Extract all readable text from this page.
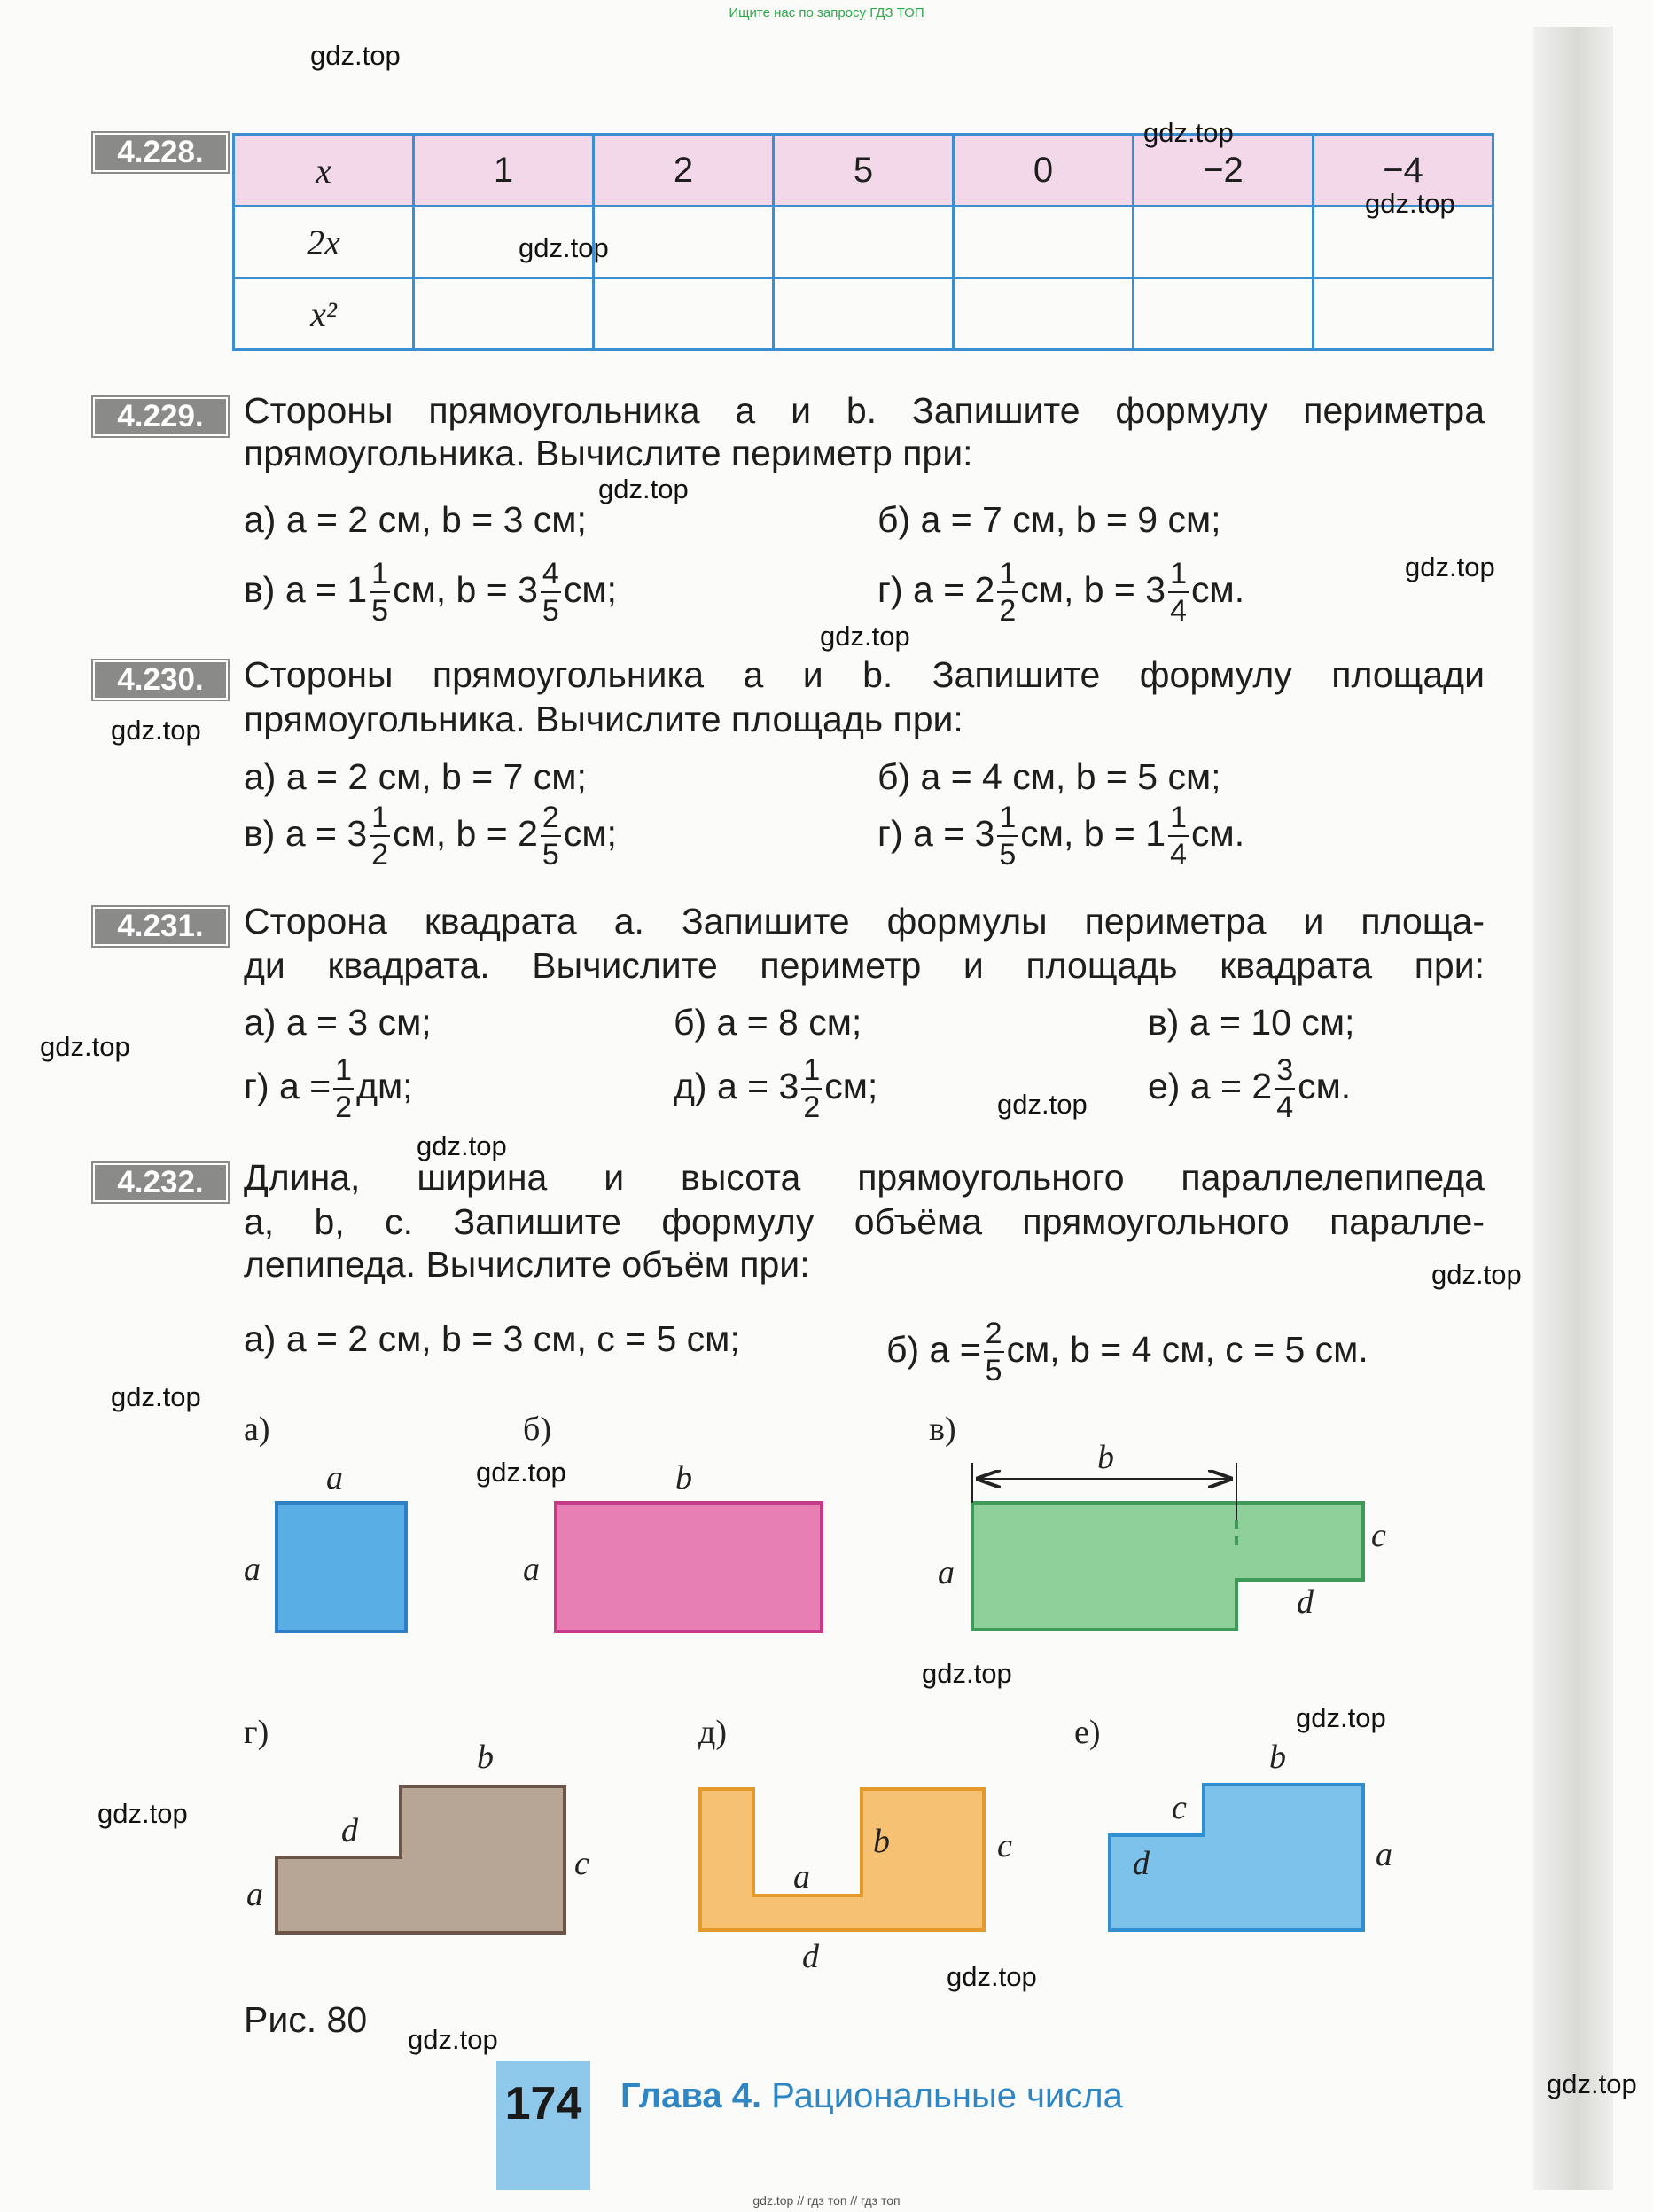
Ищите нас по запросу ГДЗ ТОП
4.228.	x	1	2	5	0	−2	−4
2x						
x²						
4.229.	Стороны прямоугольника a и b. Запишите формулу периметра
прямоугольника. Вычислите периметр при:
а) a = 2 см, b = 3 см;	б) a = 7 см, b = 9 см;
в) $a = 1 \frac{1}{5}$ см, $b = 3 \frac{4}{5}$ см;	г) $a = 2 \frac{1}{2}$ см, $b = 3 \frac{1}{4}$ см.
4.230.	Стороны прямоугольника a и b. Запишите формулу площади
прямоугольника. Вычислите площадь при:
а) a = 2 см, b = 7 см;	б) a = 4 см, b = 5 см;
в) $a = 3 \frac{1}{2}$ см, $b = 2 \frac{2}{5}$ см;	г) $a = 3 \frac{1}{5}$ см, $b = 1 \frac{1}{4}$ см.
4.231.	Сторона квадрата a. Запишите формулы периметра и площа-
ди квадрата. Вычислите периметр и площадь квадрата при:
а) a = 3 см;	б) a = 8 см;	в) a = 10 см;
г) $a = \frac{1}{2}$ дм;	д) $a = 3 \frac{1}{2}$ см;	е) $a = 2 \frac{3}{4}$ см.
4.232.	Длина, ширина и высота прямоугольного параллелепипеда
a, b, c. Запишите формулу объёма прямоугольного паралле-
лепипеда. Вычислите объём при:
а) a = 2 см, b = 3 см, c = 5 см;	б) $a = \frac{2}{5}$ см, b = 4 см, c = 5 см.
а)	б)	в)
г)	д)	е)
a
a
b
a
b
a
c
d
b
d
c
a
b	c
a
d
b
c
d	a
Рис. 80
174 Глава 4. Рациональные числа
gdz.top
gdz.top
gdz.top
gdz.top
gdz.top
gdz.top
gdz.top
gdz.top
gdz.top
gdz.top
gdz.top
gdz.top
gdz.top
gdz.top
gdz.top
gdz.top
gdz.top
gdz.top
gdz.top
gdz.top
gdz.top // гдз топ // гдз топ
